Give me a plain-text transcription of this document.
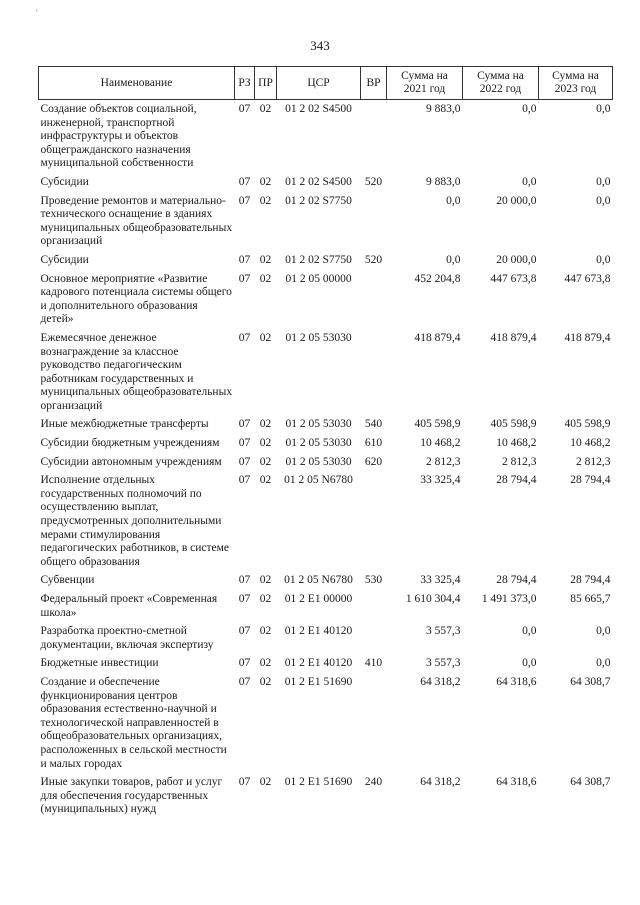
'
343
Наименование	РЗ	ПР	ЦСР	ВР	Сумма на 2021 год	Сумма на 2022 год	Сумма на 2023 год
Создание объектов социальной, инженерной, транспортной инфраструктуры и объектов общегражданского назначения муниципальной собственности	07	02	01 2 02 S4500		9 883,0	0,0	0,0
Субсидии	07	02	01 2 02 S4500	520	9 883,0	0,0	0,0
Проведение ремонтов и материально-технического оснащение в зданиях муниципальных общеобразовательных организаций	07	02	01 2 02 S7750		0,0	20 000,0	0,0
Субсидии	07	02	01 2 02 S7750	520	0,0	20 000,0	0,0
Основное мероприятие «Развитие кадрового потенциала системы общего и дополнительного образования детей»	07	02	01 2 05 00000		452 204,8	447 673,8	447 673,8
Ежемесячное денежное вознаграждение за классное руководство педагогическим работникам государственных и муниципальных общеобразовательных организаций	07	02	01 2 05 53030		418 879,4	418 879,4	418 879,4
Иные межбюджетные трансферты	07	02	01 2 05 53030	540	405 598,9	405 598,9	405 598,9
Субсидии бюджетным учреждениям	07	02	01 2 05 53030	610	10 468,2	10 468,2	10 468,2
Субсидии автономным учреждениям	07	02	01 2 05 53030	620	2 812,3	2 812,3	2 812,3
Исполнение отдельных государственных полномочий по осуществлению выплат, предусмотренных дополнительными мерами стимулирования педагогических работников, в системе общего образования	07	02	01 2 05 N6780		33 325,4	28 794,4	28 794,4
Субвенции	07	02	01 2 05 N6780	530	33 325,4	28 794,4	28 794,4
Федеральный проект «Современная школа»	07	02	01 2 E1 00000		1 610 304,4	1 491 373,0	85 665,7
Разработка проектно-сметной документации, включая экспертизу	07	02	01 2 E1 40120		3 557,3	0,0	0,0
Бюджетные инвестиции	07	02	01 2 E1 40120	410	3 557,3	0,0	0,0
Создание и обеспечение функционирования центров образования естественно-научной и технологической направленностей в общеобразовательных организациях, расположенных в сельской местности и малых городах	07	02	01 2 E1 51690		64 318,2	64 318,6	64 308,7
Иные закупки товаров, работ и услуг для обеспечения государственных (муниципальных) нужд	07	02	01 2 E1 51690	240	64 318,2	64 318,6	64 308,7
